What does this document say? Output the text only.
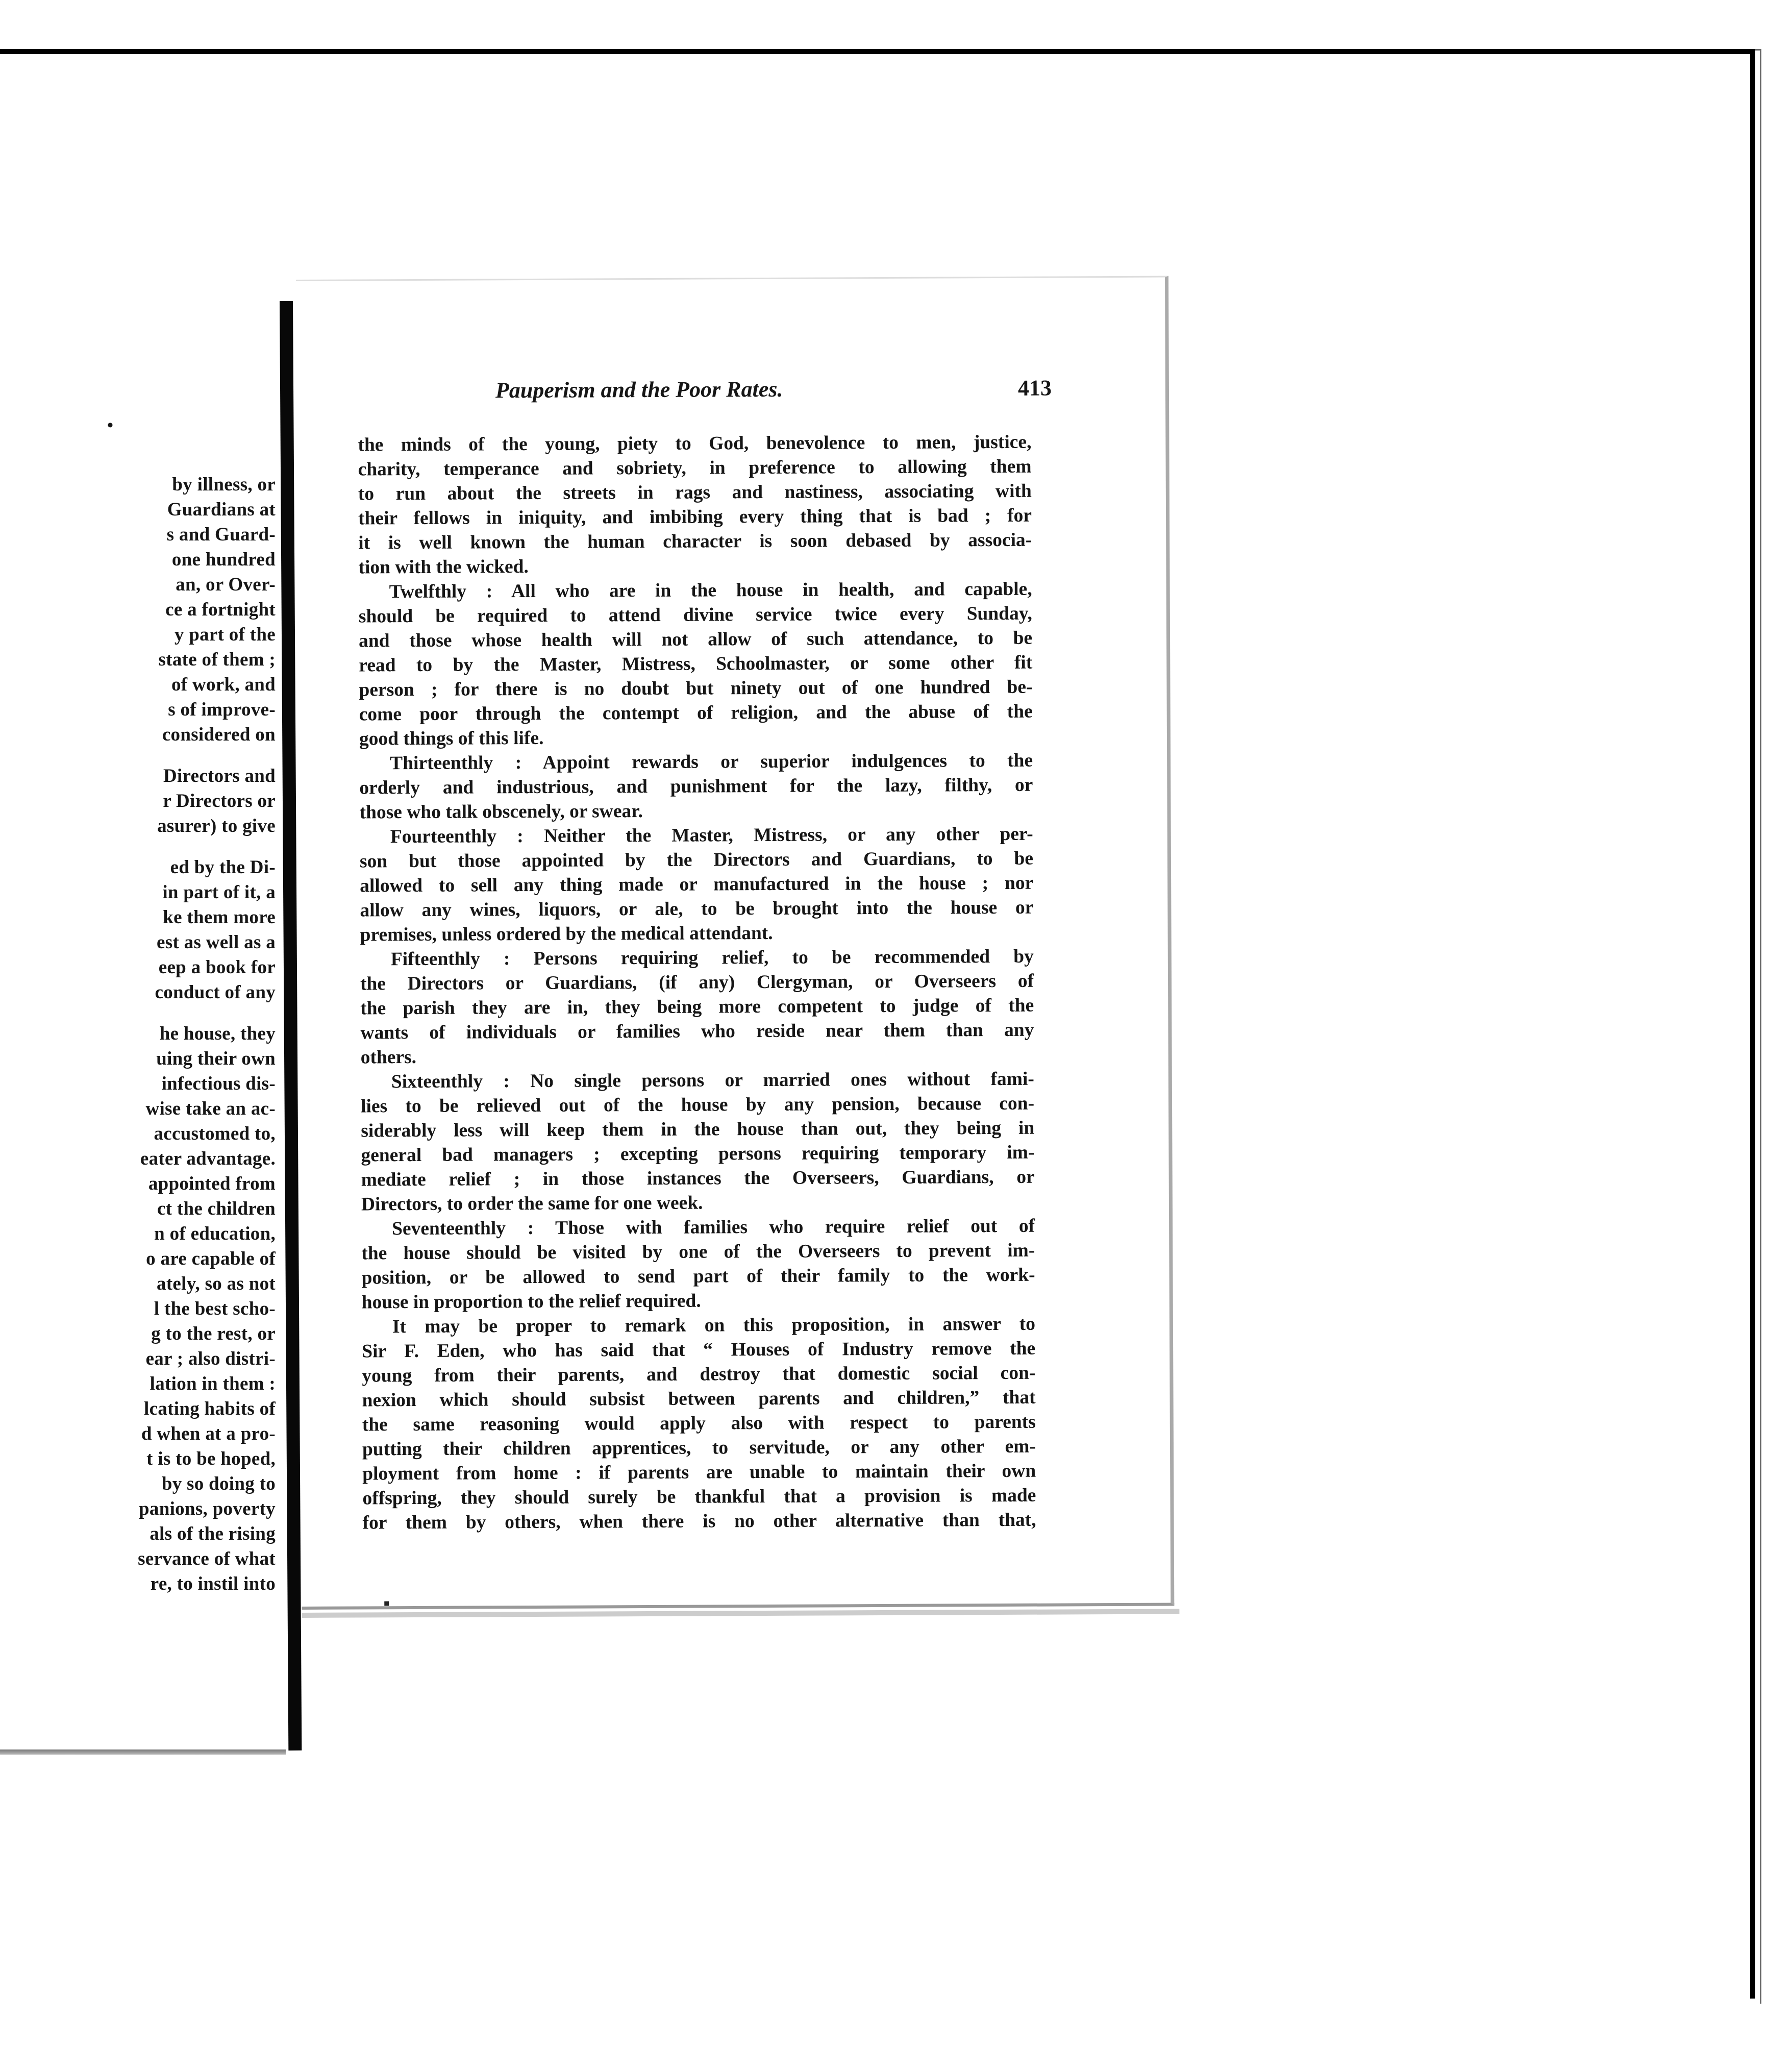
•
by illness, or
Guardians at
s and Guard-
one hundred
an, or Over-
ce a fortnight
y part of the
state of them ;
of work, and
s of improve-
considered on
Directors and
r Directors or
asurer) to give
ed by the Di-
in part of it, a
ke them more
est as well as a
eep a book for
conduct of any
he house, they
uing their own
infectious dis-
wise take an ac-
accustomed to,
eater advantage.
appointed from
ct the children
n of education,
o are capable of
ately, so as not
l the best scho-
g to the rest, or
ear ; also distri-
lation in them :
lcating habits of
d when at a pro-
t is to be hoped,
by so doing to
panions, poverty
als of the rising
servance of what
re, to instil into
Pauperism and the Poor Rates.	413
the minds of the young, piety to God, benevolence to men, justice,
charity, temperance and sobriety, in preference to allowing them
to run about the streets in rags and nastiness, associating with
their fellows in iniquity, and imbibing every thing that is bad ; for
it is well known the human character is soon debased by associa-
tion with the wicked.
Twelfthly : All who are in the house in health, and capable,
should be required to attend divine service twice every Sunday,
and those whose health will not allow of such attendance, to be
read to by the Master, Mistress, Schoolmaster, or some other fit
person ; for there is no doubt but ninety out of one hundred be-
come poor through the contempt of religion, and the abuse of the
good things of this life.
Thirteenthly : Appoint rewards or superior indulgences to the
orderly and industrious, and punishment for the lazy, filthy, or
those who talk obscenely, or swear.
Fourteenthly : Neither the Master, Mistress, or any other per-
son but those appointed by the Directors and Guardians, to be
allowed to sell any thing made or manufactured in the house ; nor
allow any wines, liquors, or ale, to be brought into the house or
premises, unless ordered by the medical attendant.
Fifteenthly : Persons requiring relief, to be recommended by
the Directors or Guardians, (if any) Clergyman, or Overseers of
the parish they are in, they being more competent to judge of the
wants of individuals or families who reside near them than any
others.
Sixteenthly : No single persons or married ones without fami-
lies to be relieved out of the house by any pension, because con-
siderably less will keep them in the house than out, they being in
general bad managers ; excepting persons requiring temporary im-
mediate relief ; in those instances the Overseers, Guardians, or
Directors, to order the same for one week.
Seventeenthly : Those with families who require relief out of
the house should be visited by one of the Overseers to prevent im-
position, or be allowed to send part of their family to the work-
house in proportion to the relief required.
It may be proper to remark on this proposition, in answer to
Sir F. Eden, who has said that “ Houses of Industry remove the
young from their parents, and destroy that domestic social con-
nexion which should subsist between parents and children,” that
the same reasoning would apply also with respect to parents
putting their children apprentices, to servitude, or any other em-
ployment from home : if parents are unable to maintain their own
offspring, they should surely be thankful that a provision is made
for them by others, when there is no other alternative than that,
▪
